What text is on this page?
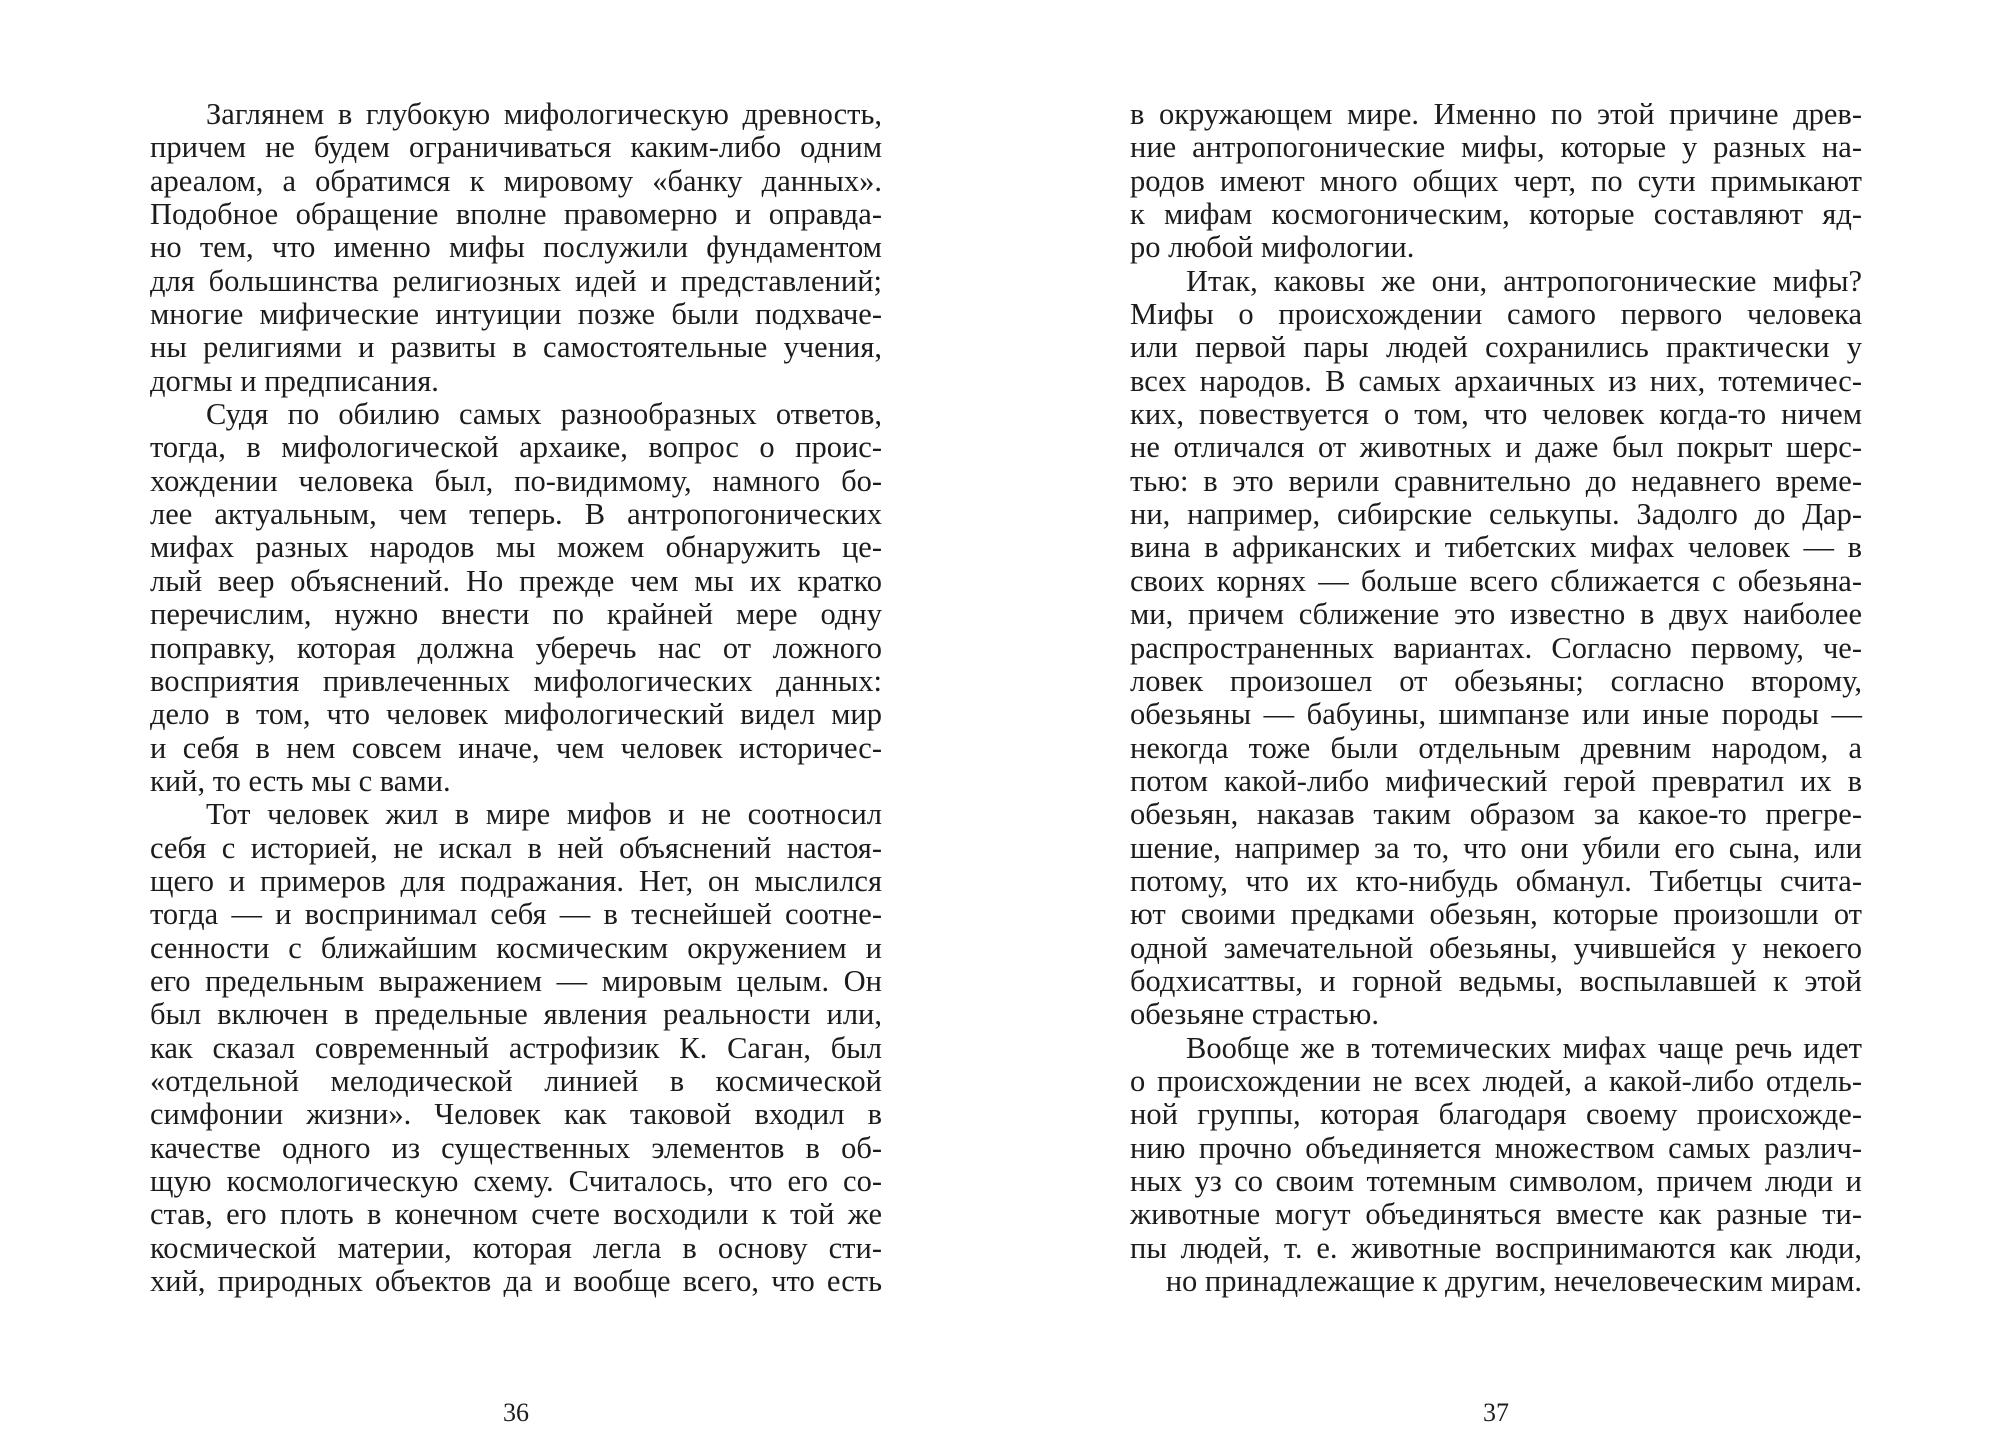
Заглянем в глубокую мифологическую древность,
причем не будем ограничиваться каким-либо одним
ареалом, а обратимся к мировому «банку данных».
Подобное обращение вполне правомерно и оправда-
но тем, что именно мифы послужили фундаментом
для большинства религиозных идей и представлений;
многие мифические интуиции позже были подхваче-
ны религиями и развиты в самостоятельные учения,
догмы и предписания.
Судя по обилию самых разнообразных ответов,
тогда, в мифологической архаике, вопрос о проис-
хождении человека был, по-видимому, намного бо-
лее актуальным, чем теперь. В антропогонических
мифах разных народов мы можем обнаружить це-
лый веер объяснений. Но прежде чем мы их кратко
перечислим, нужно внести по крайней мере одну
поправку, которая должна уберечь нас от ложного
восприятия привлеченных мифологических данных:
дело в том, что человек мифологический видел мир
и себя в нем совсем иначе, чем человек историчес-
кий, то есть мы с вами.
Тот человек жил в мире мифов и не соотносил
себя с историей, не искал в ней объяснений настоя-
щего и примеров для подражания. Нет, он мыслился
тогда — и воспринимал себя — в теснейшей соотне-
сенности с ближайшим космическим окружением и
его предельным выражением — мировым целым. Он
был включен в предельные явления реальности или,
как сказал современный астрофизик К. Саган, был
«отдельной мелодической линией в космической
симфонии жизни». Человек как таковой входил в
качестве одного из существенных элементов в об-
щую космологическую схему. Считалось, что его со-
став, его плоть в конечном счете восходили к той же
космической материи, которая легла в основу сти-
хий, природных объектов да и вообще всего, что есть
36
в окружающем мире. Именно по этой причине древ-
ние антропогонические мифы, которые у разных на-
родов имеют много общих черт, по сути примыкают
к мифам космогоническим, которые составляют яд-
ро любой мифологии.
Итак, каковы же они, антропогонические мифы?
Мифы о происхождении самого первого человека
или первой пары людей сохранились практически у
всех народов. В самых архаичных из них, тотемичес-
ких, повествуется о том, что человек когда-то ничем
не отличался от животных и даже был покрыт шерс-
тью: в это верили сравнительно до недавнего време-
ни, например, сибирские селькупы. Задолго до Дар-
вина в африканских и тибетских мифах человек — в
своих корнях — больше всего сближается с обезьяна-
ми, причем сближение это известно в двух наиболее
распространенных вариантах. Согласно первому, че-
ловек произошел от обезьяны; согласно второму,
обезьяны — бабуины, шимпанзе или иные породы —
некогда тоже были отдельным древним народом, а
потом какой-либо мифический герой превратил их в
обезьян, наказав таким образом за какое-то прегре-
шение, например за то, что они убили его сына, или
потому, что их кто-нибудь обманул. Тибетцы счита-
ют своими предками обезьян, которые произошли от
одной замечательной обезьяны, учившейся у некоего
бодхисаттвы, и горной ведьмы, воспылавшей к этой
обезьяне страстью.
Вообще же в тотемических мифах чаще речь идет
о происхождении не всех людей, а какой-либо отдель-
ной группы, которая благодаря своему происхожде-
нию прочно объединяется множеством самых различ-
ных уз со своим тотемным символом, причем люди и
животные могут объединяться вместе как разные ти-
пы людей, т. е. животные воспринимаются как люди,
но принадлежащие к другим, нечеловеческим мирам.
37
